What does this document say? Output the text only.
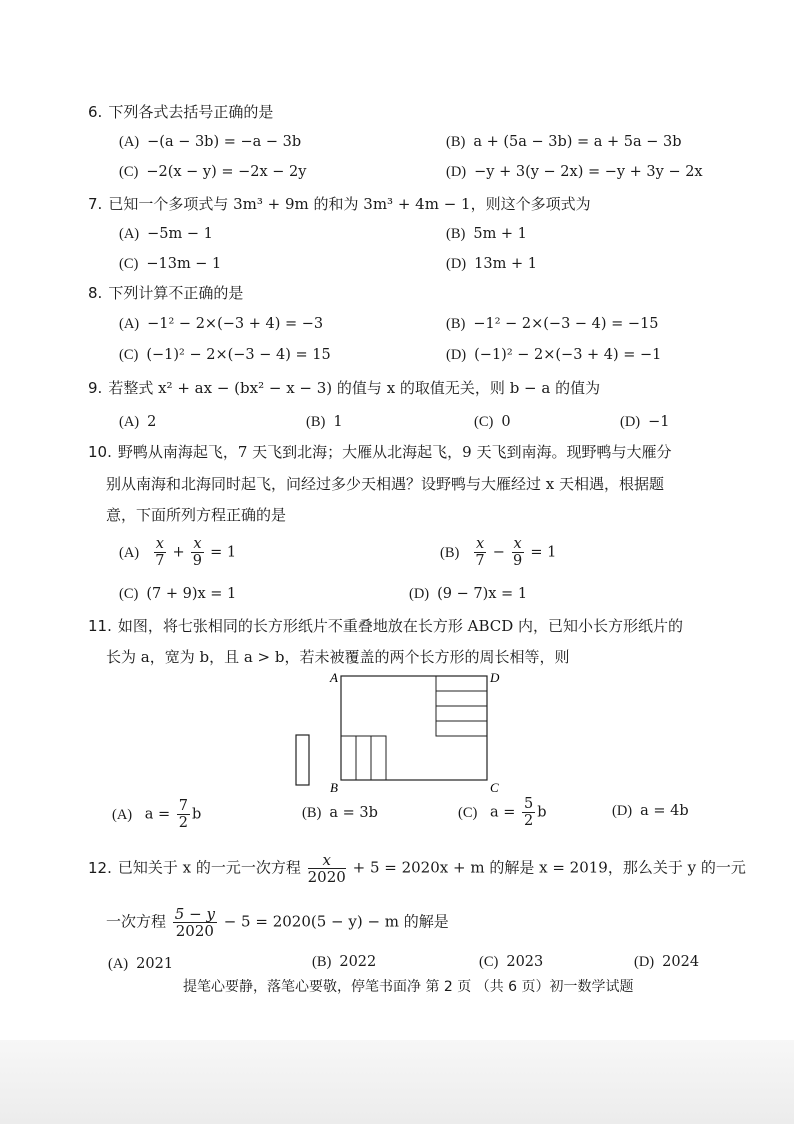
6. 下列各式去括号正确的是
(A) −(a − 3b) = −a − 3b	(B) a + (5a − 3b) = a + 5a − 3b
(C) −2(x − y) = −2x − 2y	(D) −y + 3(y − 2x) = −y + 3y − 2x
7. 已知一个多项式与 3m³ + 9m 的和为 3m³ + 4m − 1，则这个多项式为
(A) −5m − 1	(B) 5m + 1
(C) −13m − 1	(D) 13m + 1
8. 下列计算不正确的是
(A) −1² − 2×(−3 + 4) = −3	(B) −1² − 2×(−3 − 4) = −15
(C) (−1)² − 2×(−3 − 4) = 15	(D) (−1)² − 2×(−3 + 4) = −1
9. 若整式 x² + ax − (bx² − x − 3) 的值与 x 的取值无关，则 b − a 的值为
(A) 2	(B) 1	(C) 0	(D) −1
10. 野鸭从南海起飞，7 天飞到北海；大雁从北海起飞，9 天飞到南海。现野鸭与大雁分
别从南海和北海同时起飞，问经过多少天相遇？设野鸭与大雁经过 x 天相遇，根据题
意，下面所列方程正确的是
$(A) \frac{x}{7} + \frac{x}{9} = 1$	$(B) \frac{x}{7} - \frac{x}{9} = 1$
(C) (7 + 9)x = 1	(D) (9 − 7)x = 1
11. 如图，将七张相同的长方形纸片不重叠地放在长方形 ABCD 内，已知小长方形纸片的
长为 a，宽为 b，且 a > b，若未被覆盖的两个长方形的周长相等，则
A	D
B	C
(A) $a = \frac{7}{2}$ b	(B) a = 3b	(C) $a = \frac{5}{2}$ b	(D) a = 4b
12. 已知关于 x 的一元一次方程 $\frac{x}{2020} + 5 = 2020x + m$ 的解是 x = 2019，那么关于 y 的一元
一次方程 $\frac{5 - y}{2020} - 5 = 2020(5 - y) - m$ 的解是
(A) 2021	(B) 2022	(C) 2023	(D) 2024
提笔心要静，落笔心要敬，停笔书面净 第 2 页 （共 6 页）初一数学试题
